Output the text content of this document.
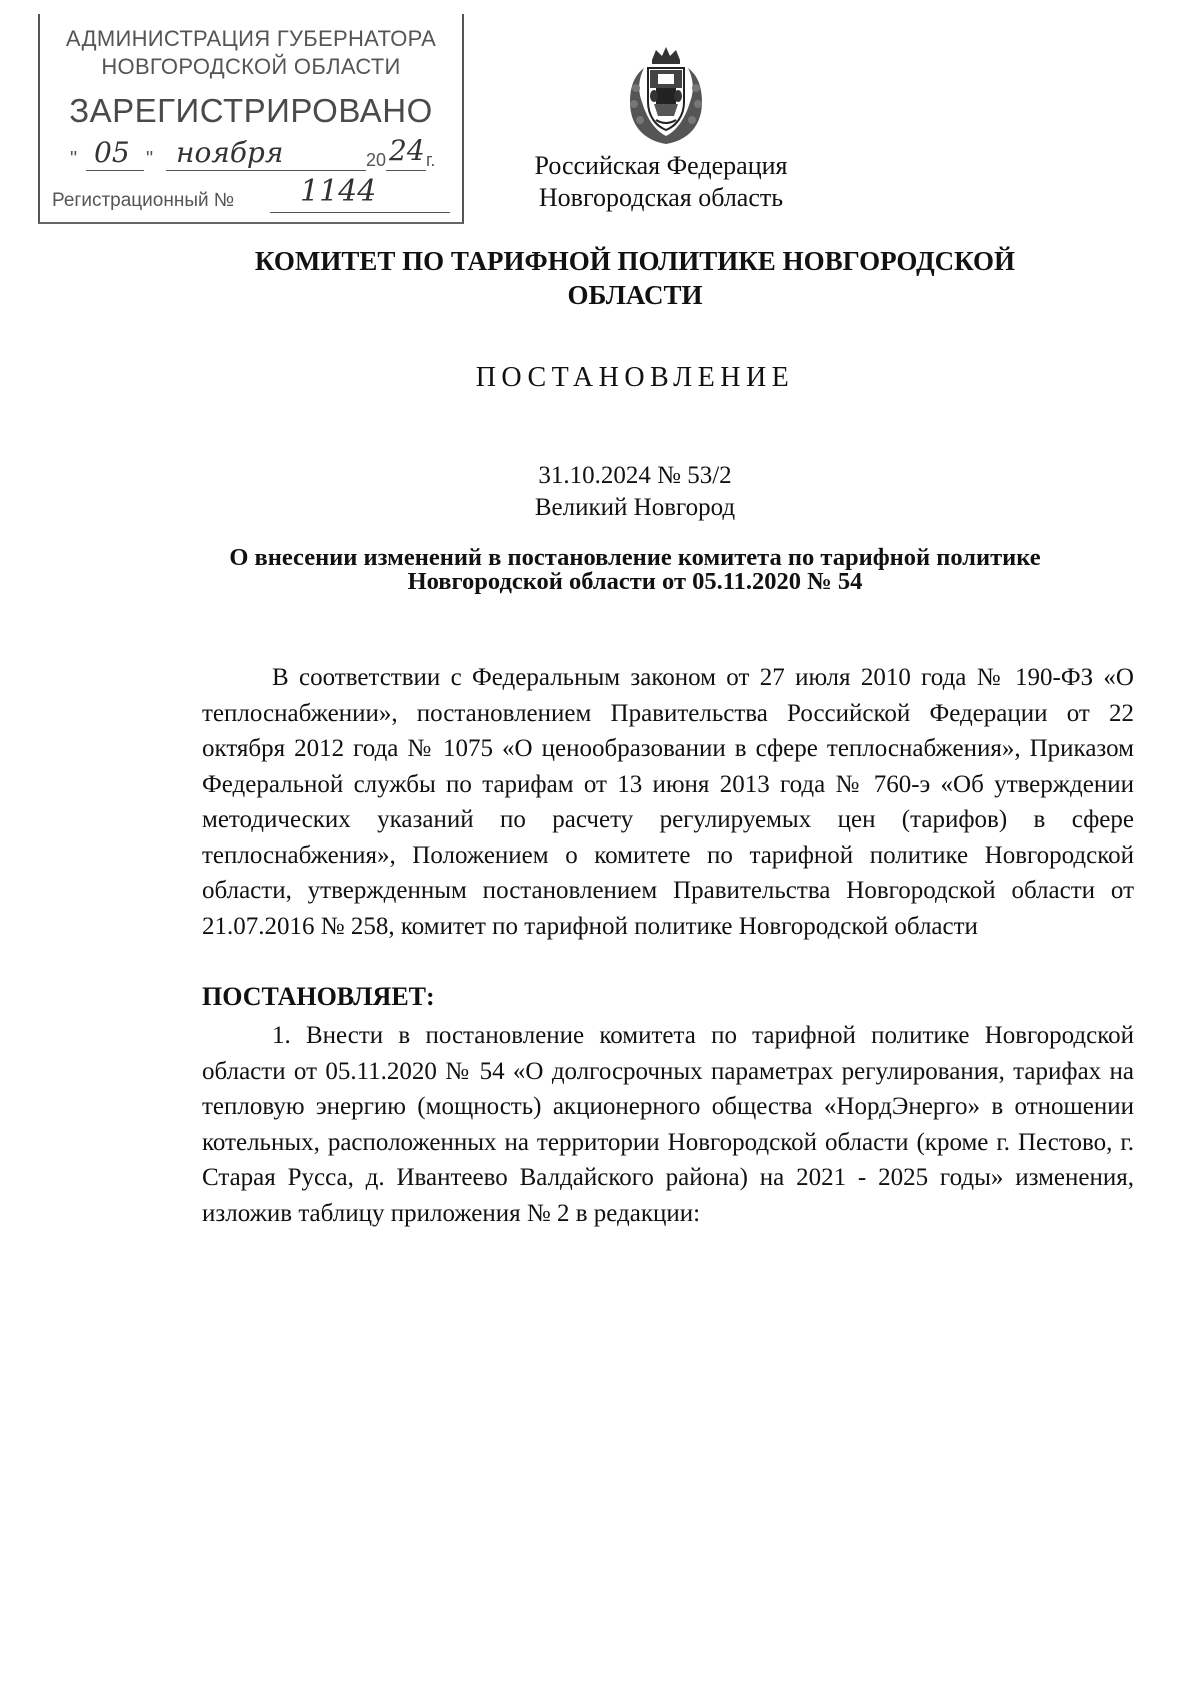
АДМИНИСТРАЦИЯ ГУБЕРНАТОРА
НОВГОРОДСКОЙ ОБЛАСТИ
ЗАРЕГИСТРИРОВАНО
" 05 " ноября	20 24 г.
Регистрационный № 1144
Российская Федерация
Новгородская область
КОМИТЕТ ПО ТАРИФНОЙ ПОЛИТИКЕ НОВГОРОДСКОЙ ОБЛАСТИ
ПОСТАНОВЛЕНИЕ
31.10.2024 № 53/2
Великий Новгород
О внесении изменений в постановление комитета по тарифной политике Новгородской области от 05.11.2020 № 54

В соответствии с Федеральным законом от 27 июля 2010 года № 190-ФЗ «О теплоснабжении», постановлением Правительства Российской Федерации от 22 октября 2012 года № 1075 «О ценообразовании в сфере теплоснабжения», Приказом Федеральной службы по тарифам от 13 июня 2013 года № 760-э «Об утверждении методических указаний по расчету регулируемых цен (тарифов) в сфере теплоснабжения», Положением о комитете по тарифной политике Новгородской области, утвержденным постановлением Правительства Новгородской области от 21.07.2016 № 258, комитет по тарифной политике Новгородской области

ПОСТАНОВЛЯЕТ:

1. Внести в постановление комитета по тарифной политике Новгородской области от 05.11.2020 № 54 «О долгосрочных параметрах регулирования, тарифах на тепловую энергию (мощность) акционерного общества «НордЭнерго» в отношении котельных, расположенных на территории Новгородской области (кроме г. Пестово, г. Старая Русса, д. Ивантеево Валдайского района) на 2021 - 2025 годы» изменения, изложив таблицу приложения № 2 в редакции:
